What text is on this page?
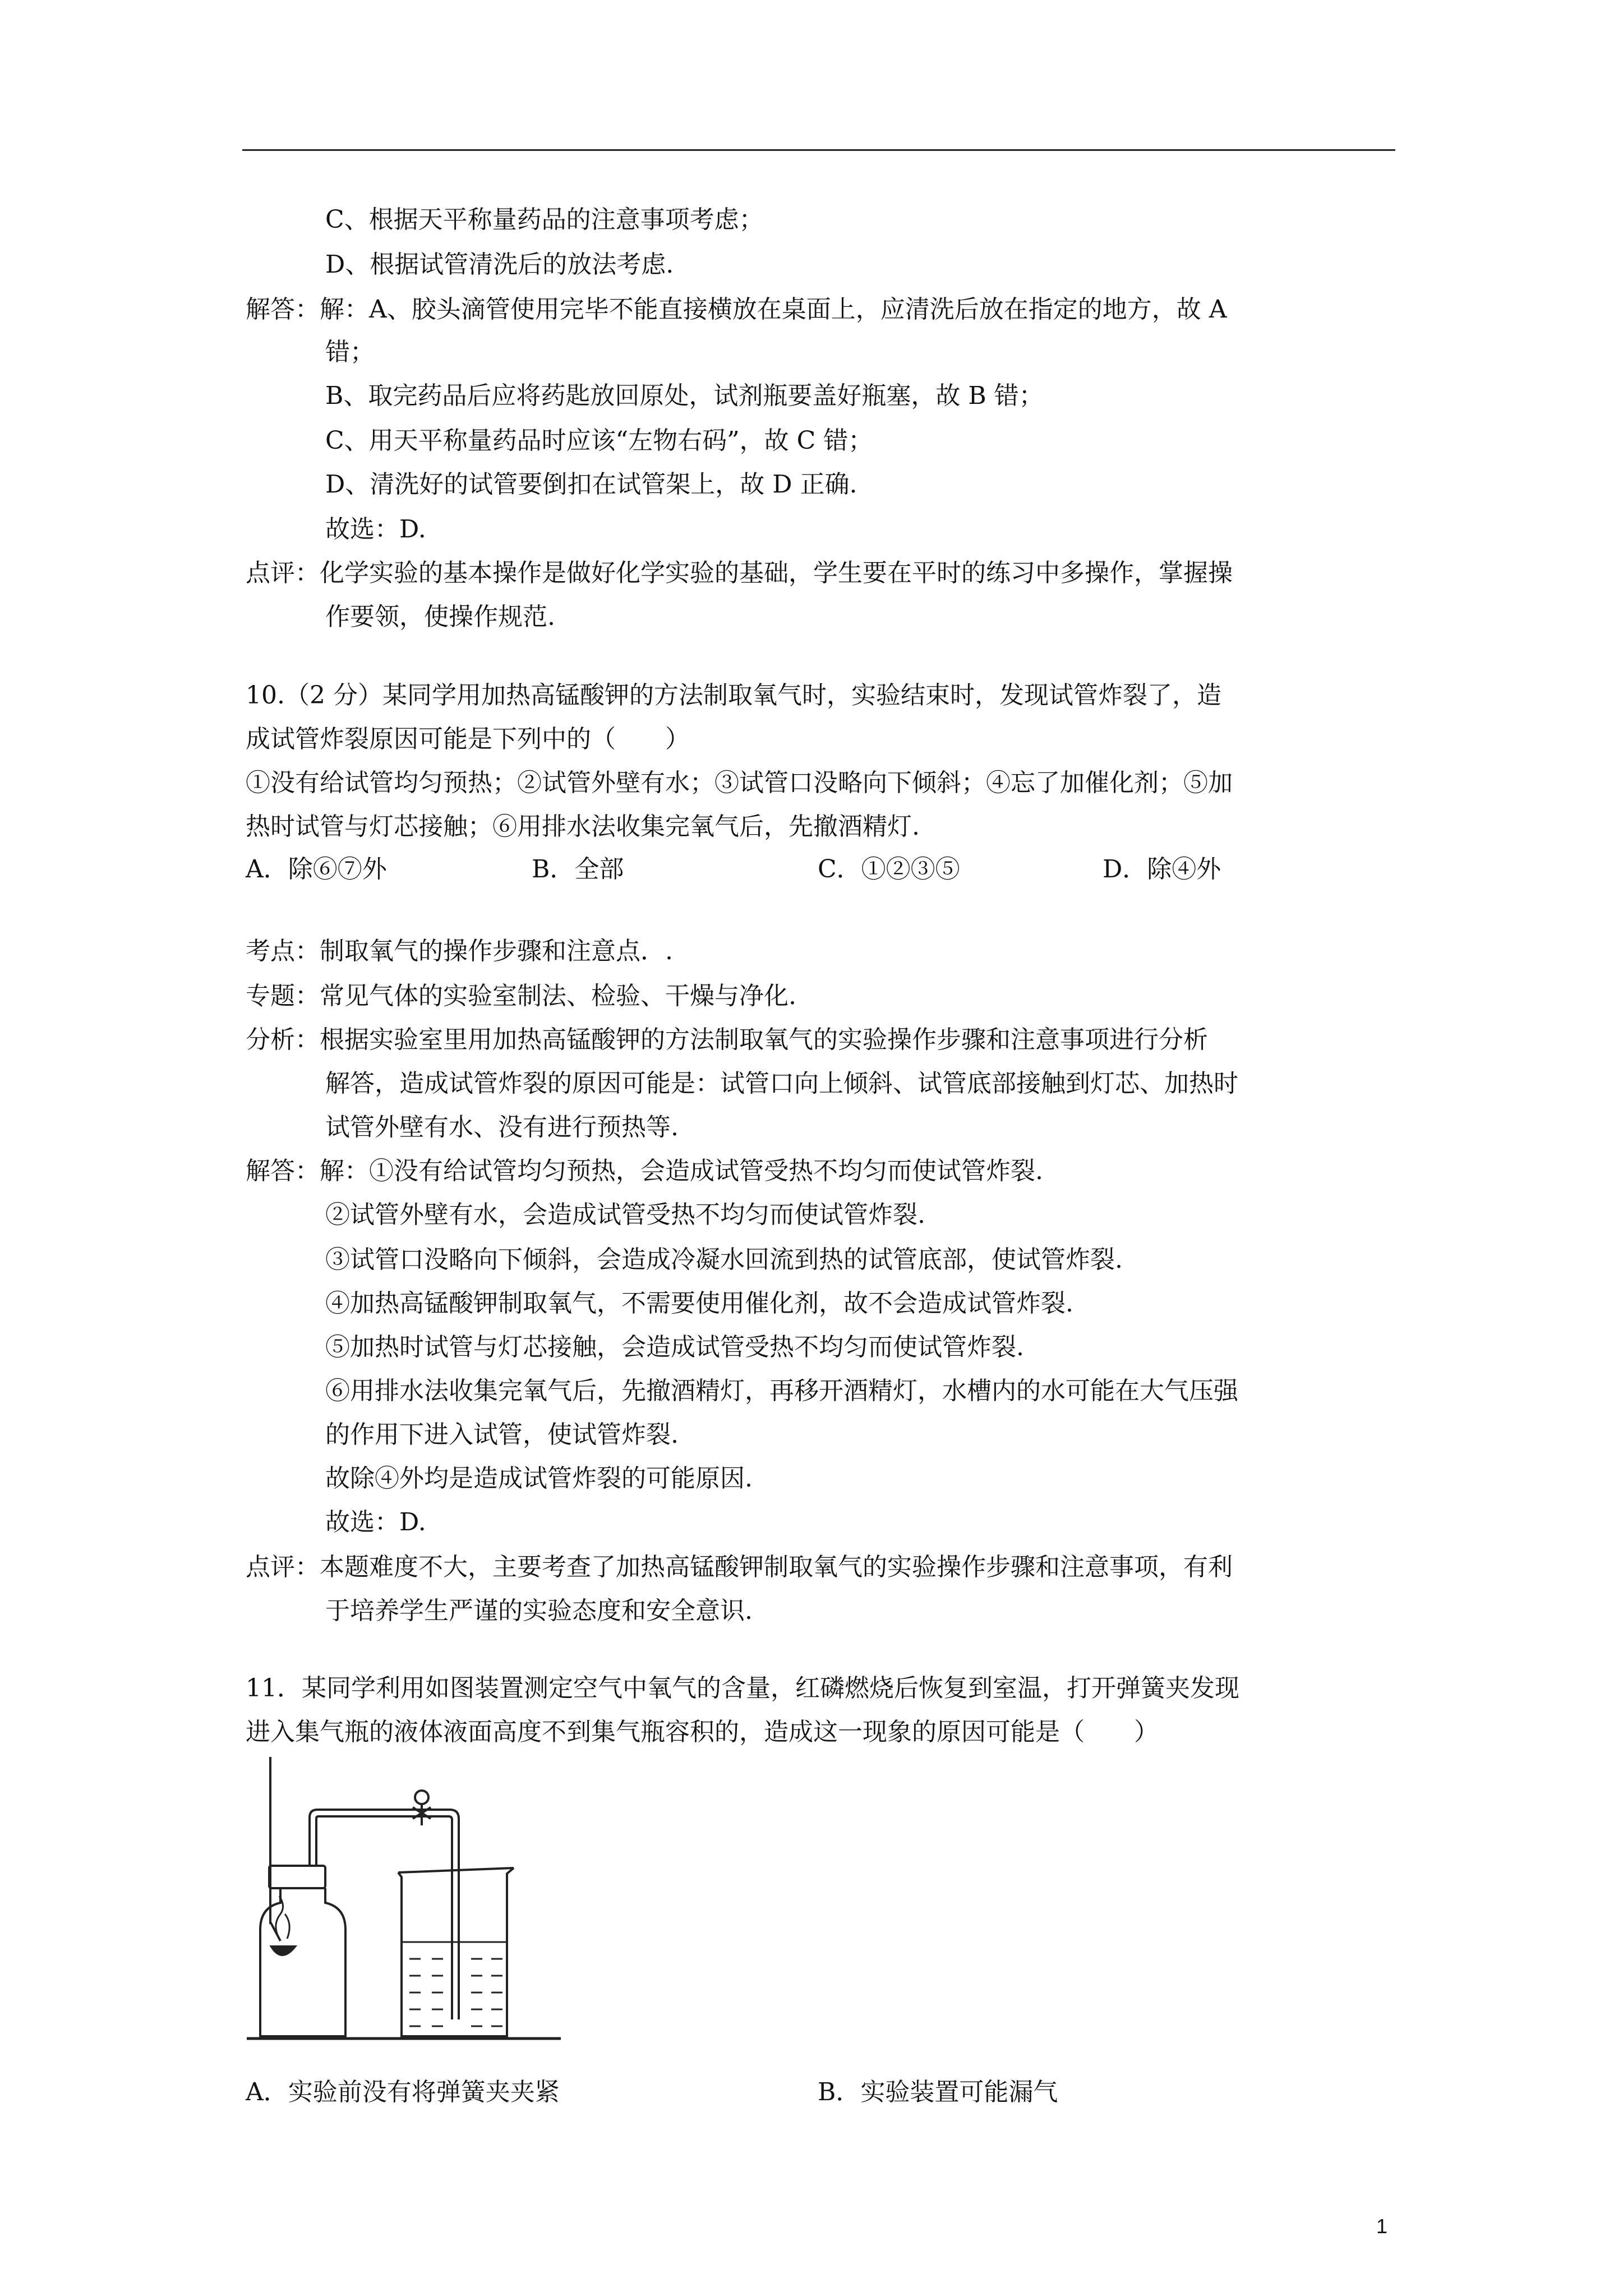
C、根据天平称量药品的注意事项考虑；
D、根据试管清洗后的放法考虑.
解答：解：A、胶头滴管使用完毕不能直接横放在桌面上，应清洗后放在指定的地方，故 A
错；
B、取完药品后应将药匙放回原处，试剂瓶要盖好瓶塞，故 B 错；
C、用天平称量药品时应该“左物右码”，故 C 错；
D、清洗好的试管要倒扣在试管架上，故 D 正确.
故选：D.
点评：化学实验的基本操作是做好化学实验的基础，学生要在平时的练习中多操作，掌握操
作要领，使操作规范.
10.（2 分）某同学用加热高锰酸钾的方法制取氧气时，实验结束时，发现试管炸裂了，造
成试管炸裂原因可能是下列中的（　　）
①没有给试管均匀预热；②试管外壁有水；③试管口没略向下倾斜；④忘了加催化剂；⑤加
热时试管与灯芯接触；⑥用排水法收集完氧气后，先撤酒精灯.
A．除⑥⑦外	B．全部	C．①②③⑤	D．除④外
考点：制取氧气的操作步骤和注意点．.
专题：常见气体的实验室制法、检验、干燥与净化.
分析：根据实验室里用加热高锰酸钾的方法制取氧气的实验操作步骤和注意事项进行分析
解答，造成试管炸裂的原因可能是：试管口向上倾斜、试管底部接触到灯芯、加热时
试管外壁有水、没有进行预热等.
解答：解：①没有给试管均匀预热，会造成试管受热不均匀而使试管炸裂.
②试管外壁有水，会造成试管受热不均匀而使试管炸裂.
③试管口没略向下倾斜，会造成冷凝水回流到热的试管底部，使试管炸裂.
④加热高锰酸钾制取氧气，不需要使用催化剂，故不会造成试管炸裂.
⑤加热时试管与灯芯接触，会造成试管受热不均匀而使试管炸裂.
⑥用排水法收集完氧气后，先撤酒精灯，再移开酒精灯，水槽内的水可能在大气压强
的作用下进入试管，使试管炸裂.
故除④外均是造成试管炸裂的可能原因.
故选：D.
点评：本题难度不大，主要考查了加热高锰酸钾制取氧气的实验操作步骤和注意事项，有利
于培养学生严谨的实验态度和安全意识.
11．某同学利用如图装置测定空气中氧气的含量，红磷燃烧后恢复到室温，打开弹簧夹发现
进入集气瓶的液体液面高度不到集气瓶容积的，造成这一现象的原因可能是（　　）
A．实验前没有将弹簧夹夹紧	B．实验装置可能漏气
1
